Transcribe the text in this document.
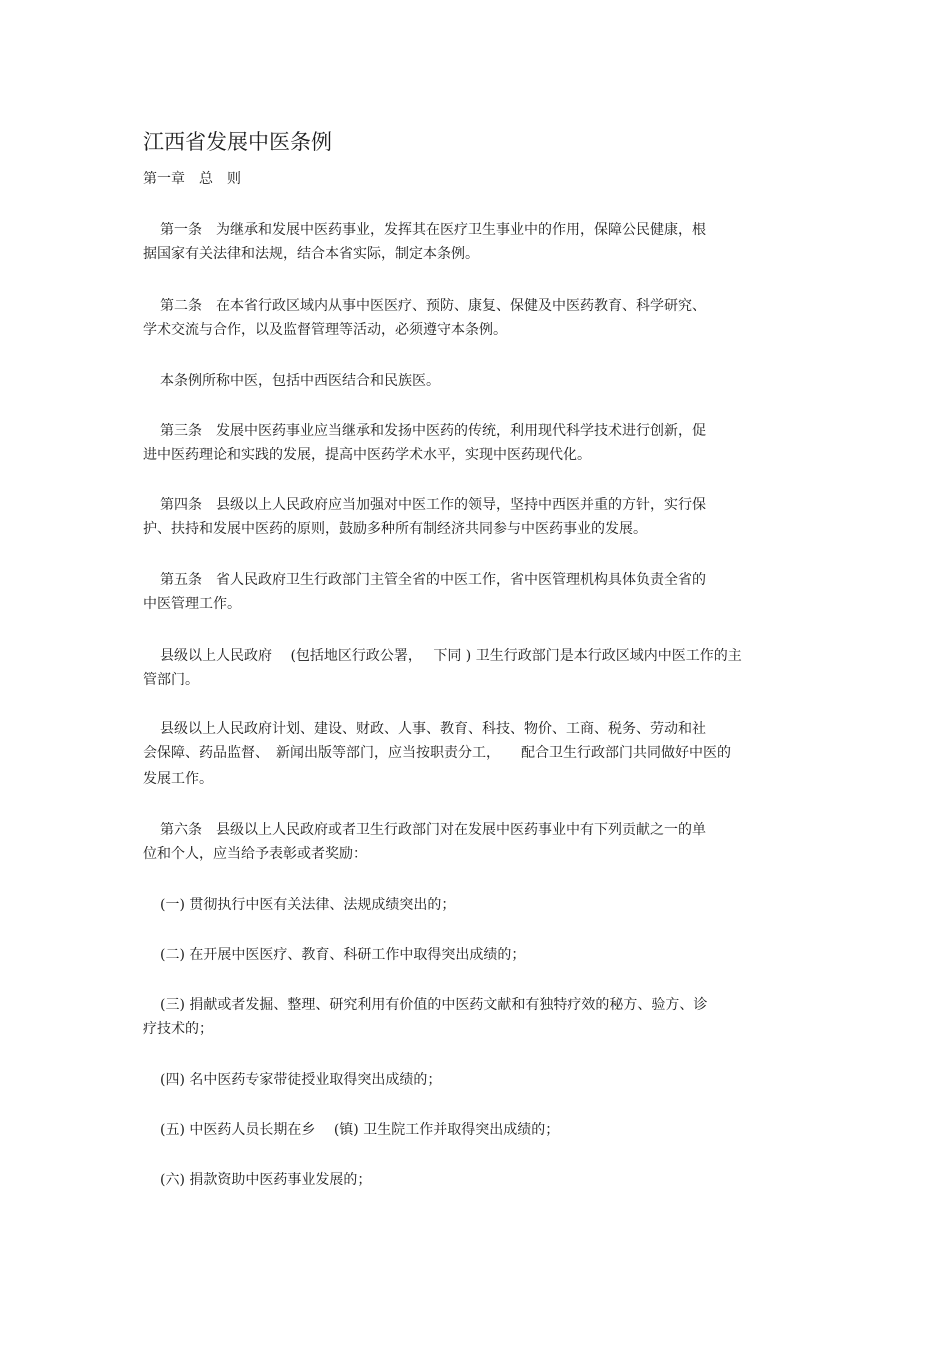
江西省发展中医条例
第一章　总　则
第一条　为继承和发展中医药事业，发挥其在医疗卫生事业中的作用，保障公民健康，根
据国家有关法律和法规，结合本省实际，制定本条例。
第二条　在本省行政区域内从事中医医疗、预防、康复、保健及中医药教育、科学研究、
学术交流与合作，以及监督管理等活动，必须遵守本条例。
本条例所称中医，包括中西医结合和民族医。
第三条　发展中医药事业应当继承和发扬中医药的传统，利用现代科学技术进行创新，促
进中医药理论和实践的发展，提高中医药学术水平，实现中医药现代化。
第四条　县级以上人民政府应当加强对中医工作的领导，坚持中西医并重的方针，实行保
护、扶持和发展中医药的原则，鼓励多种所有制经济共同参与中医药事业的发展。
第五条　省人民政府卫生行政部门主管全省的中医工作，省中医管理机构具体负责全省的
中医管理工作。
县级以上人民政府　 (包括地区行政公署，　 下同 ) 卫生行政部门是本行政区域内中医工作的主
管部门。
县级以上人民政府计划、建设、财政、人事、教育、科技、物价、工商、税务、劳动和社
会保障、药品监督、　新闻出版等部门，应当按职责分工，　　配合卫生行政部门共同做好中医的
发展工作。
第六条　县级以上人民政府或者卫生行政部门对在发展中医药事业中有下列贡献之一的单
位和个人，应当给予表彰或者奖励：
(一) 贯彻执行中医有关法律、法规成绩突出的；
(二) 在开展中医医疗、教育、科研工作中取得突出成绩的；
(三) 捐献或者发掘、整理、研究利用有价值的中医药文献和有独特疗效的秘方、验方、诊
疗技术的；
(四) 名中医药专家带徒授业取得突出成绩的；
(五) 中医药人员长期在乡　 (镇) 卫生院工作并取得突出成绩的；
(六) 捐款资助中医药事业发展的；
